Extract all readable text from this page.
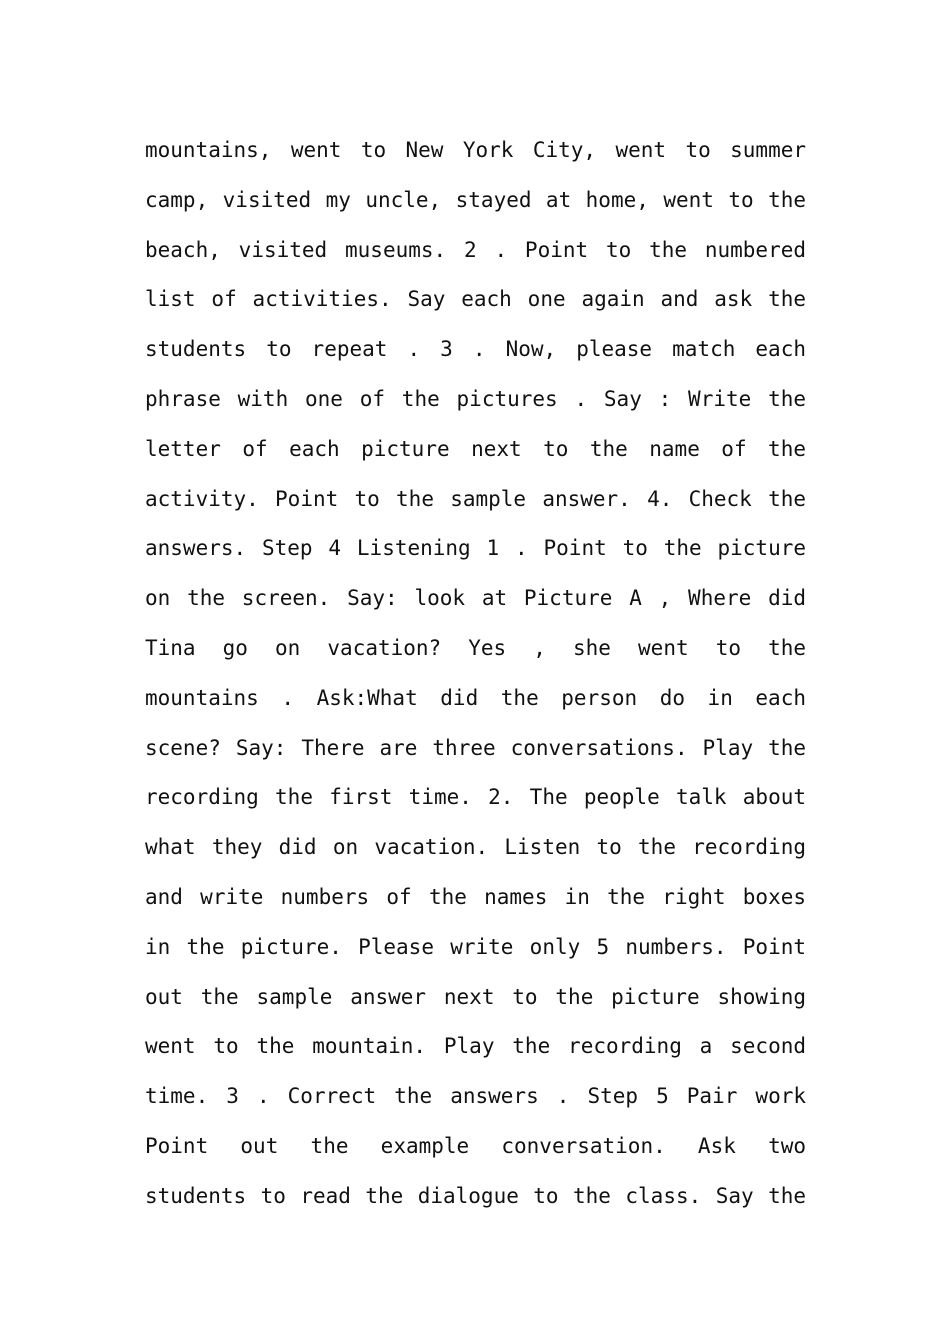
mountains, went to New York City, went to summer
camp, visited my uncle, stayed at home, went to the
beach, visited museums. 2 . Point to the numbered
list of activities. Say each one again and ask the
students to repeat . 3 . Now, please match each
phrase with one of the pictures . Say : Write the
letter of each picture next to the name of the
activity. Point to the sample answer. 4. Check the
answers. Step 4 Listening 1 . Point to the picture
on the screen. Say: look at Picture A , Where did
Tina go on vacation? Yes , she went to the
mountains . Ask:What did the person do in each
scene? Say: There are three conversations. Play the
recording the first time. 2. The people talk about
what they did on vacation. Listen to the recording
and write numbers of the names in the right boxes
in the picture. Please write only 5 numbers. Point
out the sample answer next to the picture showing
went to the mountain. Play the recording a second
time. 3 . Correct the answers . Step 5 Pair work
Point out the example conversation. Ask two
students to read the dialogue to the class. Say the
